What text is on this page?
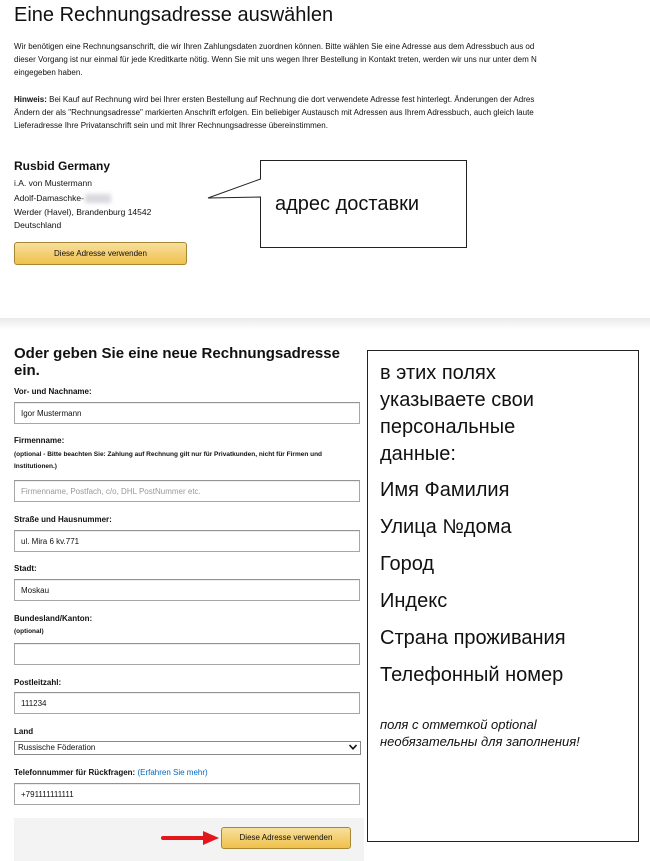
Eine Rechnungsadresse auswählen
Wir benötigen eine Rechnungsanschrift, die wir Ihren Zahlungsdaten zuordnen können. Bitte wählen Sie eine Adresse aus dem Adressbuch aus od
dieser Vorgang ist nur einmal für jede Kreditkarte nötig. Wenn Sie mit uns wegen Ihrer Bestellung in Kontakt treten, werden wir uns nur unter dem N
eingegeben haben.
Hinweis: Bei Kauf auf Rechnung wird bei Ihrer ersten Bestellung auf Rechnung die dort verwendete Adresse fest hinterlegt. Änderungen der Adres
Ändern der als "Rechnungsadresse" markierten Anschrift erfolgen. Ein beliebiger Austausch mit Adressen aus Ihrem Adressbuch, auch gleich laute
Lieferadresse Ihre Privatanschrift sein und mit Ihrer Rechnungsadresse übereinstimmen.
Rusbid Germany
i.A. von Mustermann
Adolf-Damaschke-
Werder (Havel), Brandenburg 14542
Deutschland
Diese Adresse verwenden
адрес доставки
Oder geben Sie eine neue Rechnungsadresse ein.
Vor- und Nachname:
Igor Mustermann
Firmenname:
(optional - Bitte beachten Sie: Zahlung auf Rechnung gilt nur für Privatkunden, nicht für Firmen und Institutionen.)
Firmenname, Postfach, c/o, DHL PostNummer etc.
Straße und Hausnummer:
ul. Mira 6 kv.771
Stadt:
Moskau
Bundesland/Kanton:
(optional)
Postleitzahl:
111234
Land
Russische Föderation
Telefonnummer für Rückfragen: (Erfahren Sie mehr)
+791111111111
Diese Adresse verwenden
в этих полях
указываете свои
персональные
данные:
Имя Фамилия
Улица №дома
Город
Индекс
Страна проживания
Телефонный номер
поля с отметкой optional необязательны для заполнения!
